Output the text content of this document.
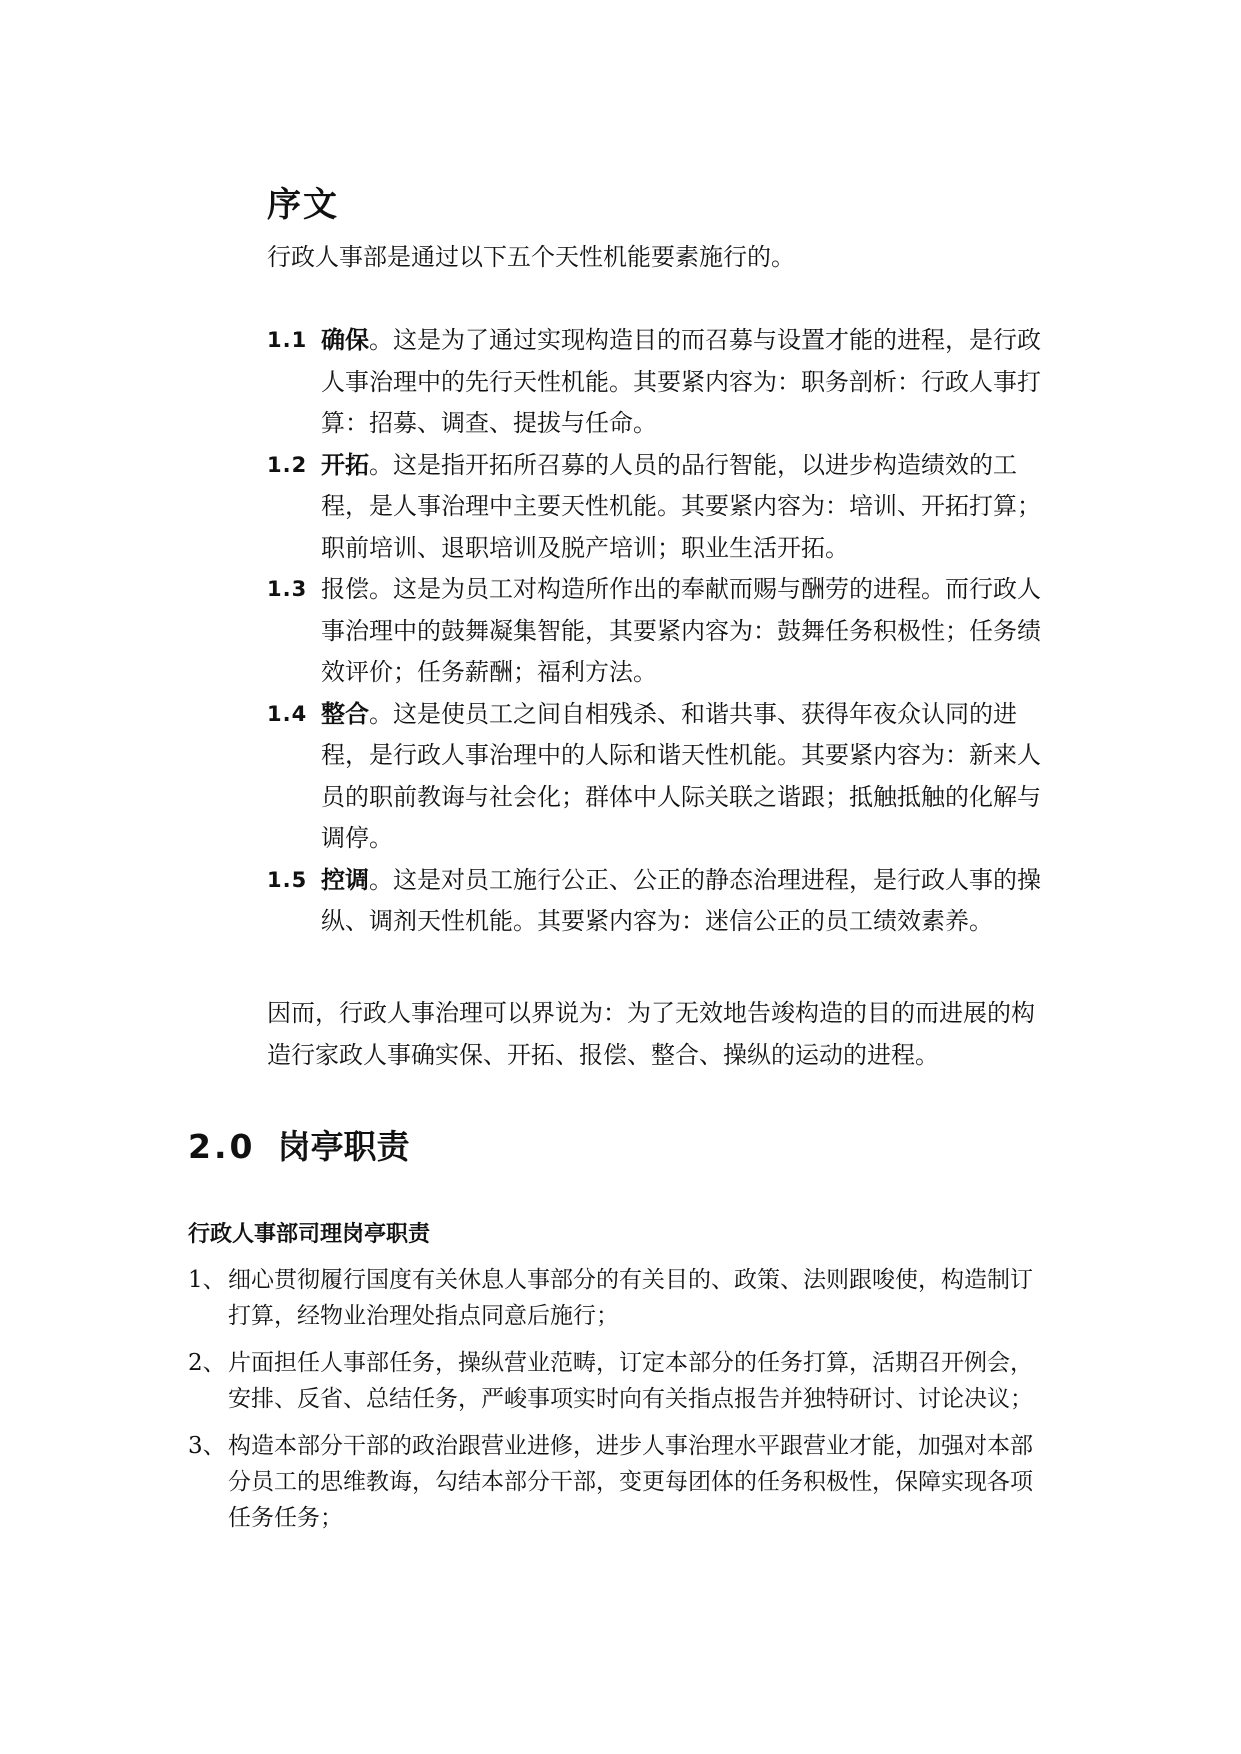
序文

行政人事部是通过以下五个天性机能要素施行的。

1.1 确保。这是为了通过实现构造目的而召募与设置才能的进程，是行政人事治理中的先行天性机能。其要紧内容为：职务剖析：行政人事打算：招募、调查、提拔与任命。
1.2 开拓。这是指开拓所召募的人员的品行智能，以进步构造绩效的工程，是人事治理中主要天性机能。其要紧内容为：培训、开拓打算；职前培训、退职培训及脱产培训；职业生活开拓。
1.3 报偿。这是为员工对构造所作出的奉献而赐与酬劳的进程。而行政人事治理中的鼓舞凝集智能，其要紧内容为：鼓舞任务积极性；任务绩效评价；任务薪酬；福利方法。
1.4 整合。这是使员工之间自相残杀、和谐共事、获得年夜众认同的进程，是行政人事治理中的人际和谐天性机能。其要紧内容为：新来人员的职前教诲与社会化；群体中人际关联之谐跟；抵触抵触的化解与调停。
1.5 控调。这是对员工施行公正、公正的静态治理进程，是行政人事的操纵、调剂天性机能。其要紧内容为：迷信公正的员工绩效素养。

因而，行政人事治理可以界说为：为了无效地告竣构造的目的而进展的构造行家政人事确实保、开拓、报偿、整合、操纵的运动的进程。

2.0 岗亭职责
行政人事部司理岗亭职责
1、 细心贯彻履行国度有关休息人事部分的有关目的、政策、法则跟唆使，构造制订打算，经物业治理处指点同意后施行；
2、 片面担任人事部任务，操纵营业范畴，订定本部分的任务打算，活期召开例会，安排、反省、总结任务，严峻事项实时向有关指点报告并独特研讨、讨论决议；
3、 构造本部分干部的政治跟营业进修，进步人事治理水平跟营业才能，加强对本部分员工的思维教诲，勾结本部分干部，变更每团体的任务积极性，保障实现各项任务任务；
